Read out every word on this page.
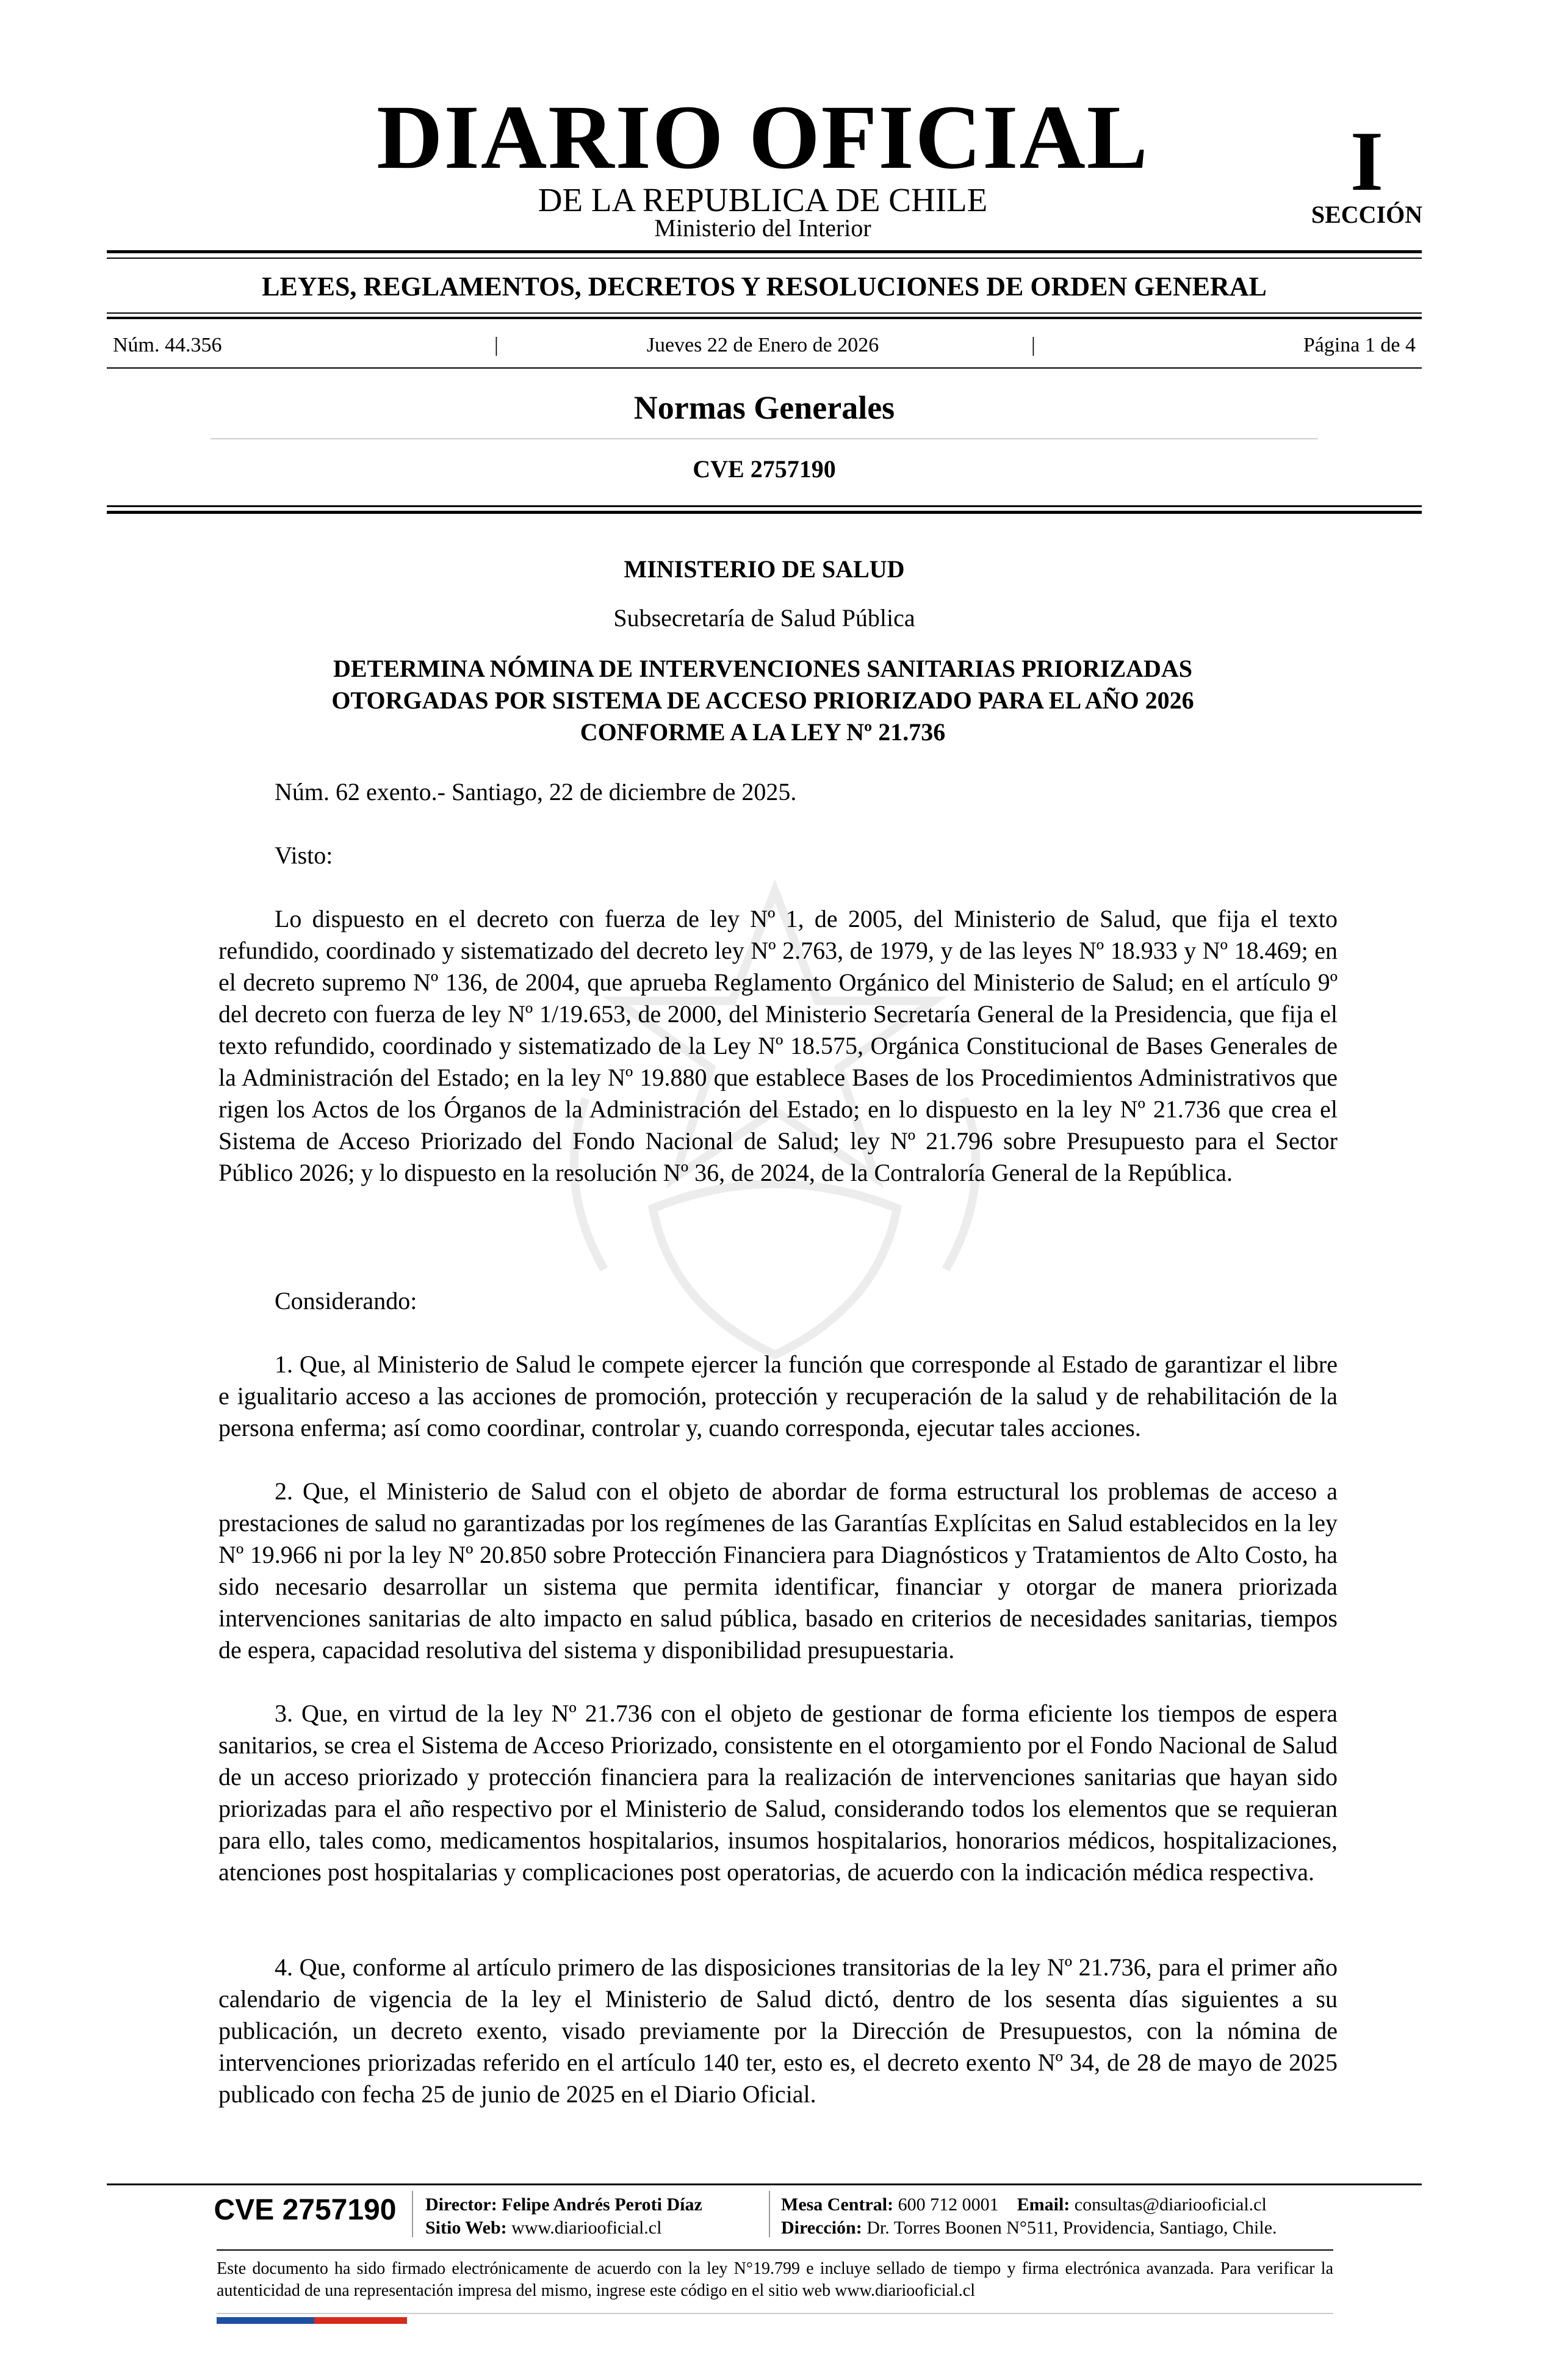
DIARIO OFICIAL
DE LA REPUBLICA DE CHILE
Ministerio del Interior
I
SECCIÓN
LEYES, REGLAMENTOS, DECRETOS Y RESOLUCIONES DE ORDEN GENERAL
Núm. 44.356	|	Jueves 22 de Enero de 2026	|	Página 1 de 4
Normas Generales
CVE 2757190
MINISTERIO DE SALUD
Subsecretaría de Salud Pública
DETERMINA NÓMINA DE INTERVENCIONES SANITARIAS PRIORIZADAS
OTORGADAS POR SISTEMA DE ACCESO PRIORIZADO PARA EL AÑO 2026
CONFORME A LA LEY Nº 21.736
Núm. 62 exento.- Santiago, 22 de diciembre de 2025.
Visto:
Lo dispuesto en el decreto con fuerza de ley Nº 1, de 2005, del Ministerio de Salud, que fija el texto refundido, coordinado y sistematizado del decreto ley Nº 2.763, de 1979, y de las leyes Nº 18.933 y Nº 18.469; en el decreto supremo Nº 136, de 2004, que aprueba Reglamento Orgánico del Ministerio de Salud; en el artículo 9º del decreto con fuerza de ley Nº 1/19.653, de 2000, del Ministerio Secretaría General de la Presidencia, que fija el texto refundido, coordinado y sistematizado de la Ley Nº 18.575, Orgánica Constitucional de Bases Generales de la Administración del Estado; en la ley Nº 19.880 que establece Bases de los Procedimientos Administrativos que rigen los Actos de los Órganos de la Administración del Estado; en lo dispuesto en la ley Nº 21.736 que crea el Sistema de Acceso Priorizado del Fondo Nacional de Salud; ley Nº 21.796 sobre Presupuesto para el Sector Público 2026; y lo dispuesto en la resolución Nº 36, de 2024, de la Contraloría General de la República.
Considerando:
1. Que, al Ministerio de Salud le compete ejercer la función que corresponde al Estado de garantizar el libre e igualitario acceso a las acciones de promoción, protección y recuperación de la salud y de rehabilitación de la persona enferma; así como coordinar, controlar y, cuando corresponda, ejecutar tales acciones.
2. Que, el Ministerio de Salud con el objeto de abordar de forma estructural los problemas de acceso a prestaciones de salud no garantizadas por los regímenes de las Garantías Explícitas en Salud establecidos en la ley Nº 19.966 ni por la ley Nº 20.850 sobre Protección Financiera para Diagnósticos y Tratamientos de Alto Costo, ha sido necesario desarrollar un sistema que permita identificar, financiar y otorgar de manera priorizada intervenciones sanitarias de alto impacto en salud pública, basado en criterios de necesidades sanitarias, tiempos de espera, capacidad resolutiva del sistema y disponibilidad presupuestaria.
3. Que, en virtud de la ley Nº 21.736 con el objeto de gestionar de forma eficiente los tiempos de espera sanitarios, se crea el Sistema de Acceso Priorizado, consistente en el otorgamiento por el Fondo Nacional de Salud de un acceso priorizado y protección financiera para la realización de intervenciones sanitarias que hayan sido priorizadas para el año respectivo por el Ministerio de Salud, considerando todos los elementos que se requieran para ello, tales como, medicamentos hospitalarios, insumos hospitalarios, honorarios médicos, hospitalizaciones, atenciones post hospitalarias y complicaciones post operatorias, de acuerdo con la indicación médica respectiva.
4. Que, conforme al artículo primero de las disposiciones transitorias de la ley Nº 21.736, para el primer año calendario de vigencia de la ley el Ministerio de Salud dictó, dentro de los sesenta días siguientes a su publicación, un decreto exento, visado previamente por la Dirección de Presupuestos, con la nómina de intervenciones priorizadas referido en el artículo 140 ter, esto es, el decreto exento Nº 34, de 28 de mayo de 2025 publicado con fecha 25 de junio de 2025 en el Diario Oficial.
CVE 2757190	Director: Felipe Andrés Peroti Díaz
Sitio Web: www.diariooficial.cl
Mesa Central: 600 712 0001 Email: consultas@diariooficial.cl
Dirección: Dr. Torres Boonen N°511, Providencia, Santiago, Chile.
Este documento ha sido firmado electrónicamente de acuerdo con la ley N°19.799 e incluye sellado de tiempo y firma electrónica avanzada. Para verificar la autenticidad de una representación impresa del mismo, ingrese este código en el sitio web www.diariooficial.cl
